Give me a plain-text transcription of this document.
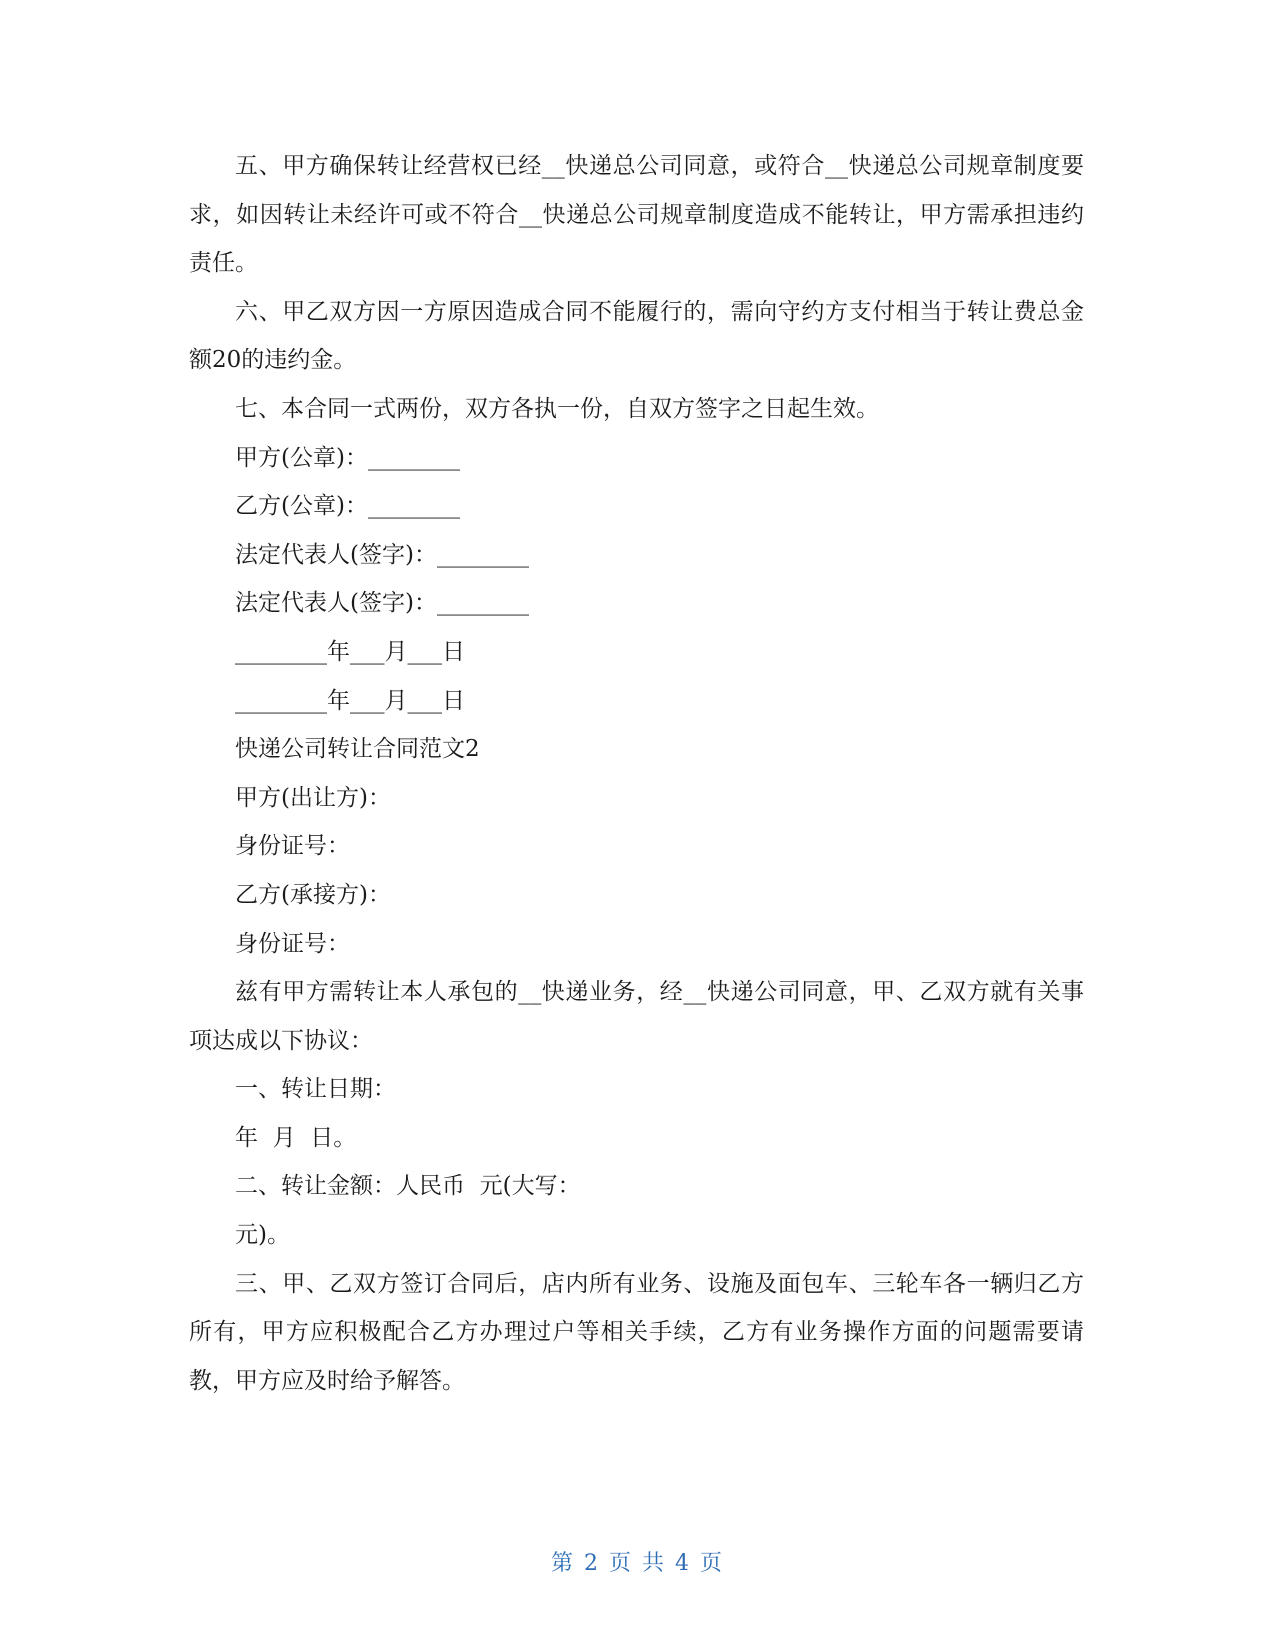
五、甲方确保转让经营权已经__快递总公司同意，或符合__快递总公司规章制度要求，如因转让未经许可或不符合__快递总公司规章制度造成不能转让，甲方需承担违约责任。

六、甲乙双方因一方原因造成合同不能履行的，需向守约方支付相当于转让费总金额20的违约金。

七、本合同一式两份，双方各执一份，自双方签字之日起生效。

甲方(公章)：________

乙方(公章)：________

法定代表人(签字)：________

法定代表人(签字)：________

________年___月___日

________年___月___日

快递公司转让合同范文2

甲方(出让方)：

身份证号：

乙方(承接方)：

身份证号：

兹有甲方需转让本人承包的__快递业务，经__快递公司同意，甲、乙双方就有关事项达成以下协议：

一、转让日期：

年  月  日。

二、转让金额：人民币  元(大写：

元)。

三、甲、乙双方签订合同后，店内所有业务、设施及面包车、三轮车各一辆归乙方所有，甲方应积极配合乙方办理过户等相关手续，乙方有业务操作方面的问题需要请教，甲方应及时给予解答。

第 2 页 共 4 页
